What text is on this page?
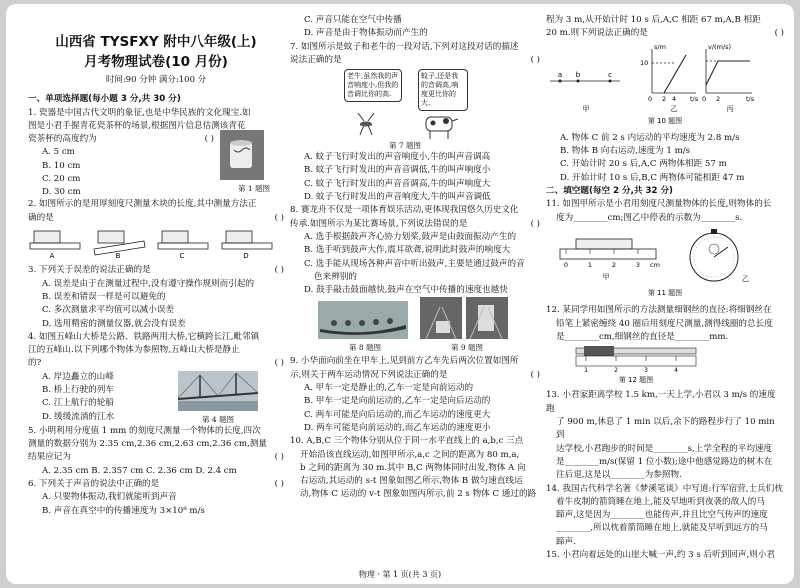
山西省 TYSFXY 附中八年级(上)
月考物理试卷(10 月份)
时间:90 分钟 满分:100 分
一、单项选择题(每小题 3 分,共 30 分)
1. 瓷器是中国古代文明的象征,也是中华民族的文化瑰宝.如
图是小君手握青花瓷茶杯的场景,根据图片信息估测该青花
瓷茶杯的高度约为	( )
A. 5 cm
B. 10 cm
C. 20 cm
D. 30 cm	第 1 题图
2. 如图所示的是用厚刻度尺测量木块的长度,其中测量方法正
确的是	( )
A	B	C	D
3. 下列关于误差的说法正确的是	( )
A. 误差是由于在测量过程中,没有遵守操作规则而引起的
B. 误差和错误一样是可以避免的
C. 多次测量求平均值可以减小误差
D. 选用精密的测量仪器,就会没有误差
4. 如图五峰山大桥是公路、铁路两用大桥,它横跨长江,毗邻镇
江的五峰山.以下列哪个物体为参照物,五峰山大桥是静止
的?	( )
A. 岸边矗立的山峰
B. 桥上行驶的列车
C. 江上航行的轮船
D. 缓缓流淌的江水	第 4 题图
5. 小明利用分度值 1 mm 的刻度尺测量一个物体的长度,四次
测量的数据分别为 2.35 cm,2.36 cm,2.63 cm,2.36 cm,测量
结果应记为	( )
A. 2.35 cm B. 2.357 cm C. 2.36 cm D. 2.4 cm
6. 下列关于声音的说法中正确的是	( )
A. 只要物体振动,我们就能听到声音
B. 声音在真空中的传播速度为 3×10⁸ m/s
C. 声音只能在空气中传播
D. 声音是由于物体振动而产生的
7. 如图所示是蚊子和老牛的一段对话,下列对这段对话的描述
说法正确的是	( )
老牛,虽然我的声音响度小,但我的音调比你的高.
蚊子,还是我的音调高,响度更比你的大.
第 7 题图
A. 蚊子飞行时发出的声音响度小,牛的叫声音调高
B. 蚊子飞行时发出的声音音调低,牛的叫声响度小
C. 蚊子飞行时发出的声音音调高,牛的叫声响度大
D. 蚊子飞行时发出的声音响度大,牛的叫声音调低
8. 赛龙舟不仅是一项体育娱乐活动,更体现我国悠久历史文化
传承.如图所示为某比赛场景,下列说法错误的是	( )
A. 选手根据鼓声齐心协力划桨,鼓声是由鼓面振动产生的
B. 选手听到鼓声大作,震耳欲聋,说明此时鼓声的响度大
C. 选手能从现场各种声音中听出鼓声,主要是通过鼓声的音
色来辨别的
D. 鼓手敲击鼓面越快,鼓声在空气中传播的速度也越快
第 8 题图	第 9 题图
9. 小华面向前坐在甲车上,见到前方乙车先后两次位置如图所
示,则关于两车运动情况下列说法正确的是	( )
A. 甲车一定是静止的,乙车一定是向前运动的
B. 甲车一定是向前运动的,乙车一定是向后运动的
C. 两车可能是向后运动的,而乙车运动的速度更大
D. 两车可能是向前运动的,而乙车运动的速度更小
10. A,B,C 三个物体分别从位于同一水平直线上的 a,b,c 三点
开始沿该直线运动,如图甲所示,a,c 之间的距离为 80 m,a,
b 之间的距离为 30 m.其中 B,C 两物体同时出发,物体 A 向
右运动,其运动的 s-t 图象如图乙所示,物体 B 做匀速直线运
动,物体 C 运动的 v-t 图象如图丙所示,前 2 s 物体 C 通过的路
程为 3 m,从开始计时 10 s 后,A,C 相距 67 m,A,B 相距
20 m.则下列说法正确的是	( )
a b	c
s/m
t/s
10
0 2 4
v/(m/s)
t/s
0 2
甲	乙	丙
第 10 题图
A. 物体 C 前 2 s 内运动的平均速度为 2.8 m/s
B. 物体 B 向右运动,速度为 1 m/s
C. 开始计时 20 s 后,A,C 两物体相距 57 m
D. 开始计时 10 s 后,B,C 两物体可能相距 47 m
二、填空题(每空 2 分,共 32 分)
11. 如图甲所示是小君用刻度尺测量物体的长度,则物体的长
度为________cm;图乙中停表的示数为________s.
0	1	2	3 cm
甲	乙
第 11 题图
12. 某同学用如图所示的方法测量细钢丝的直径:将细钢丝在
铅笔上紧密缠绕 40 圈后用刻度尺测量,测得线圈的总长度
是________cm,细钢丝的直径是________mm.
1	2	3	4
第 12 题图
13. 小君家距离学校 1.5 km,一天上学,小君以 3 m/s 的速度跑
了 900 m,休息了 1 min 以后,余下的路程步行了 10 min 到
达学校,小君跑步的时间是________s,上学全程的平均速度
是________m/s(保留 1 位小数);途中他感觉路边的树木在
往后退,这是以________为参照物.
14. 我国古代科学名著《梦溪笔谈》中写道:行军宿营,士兵们枕
着牛皮制的箭筒睡在地上,能及早地听到夜袭的敌人的马
蹄声,这是因为________也能传声,并且比空气传声的速度
________,所以枕着箭筒睡在地上,就能及早听到远方的马
蹄声.
15. 小君向着远处的山崖大喊一声,约 3 s 后听到回声,则小君
物理 · 第 1 页(共 3 页)
